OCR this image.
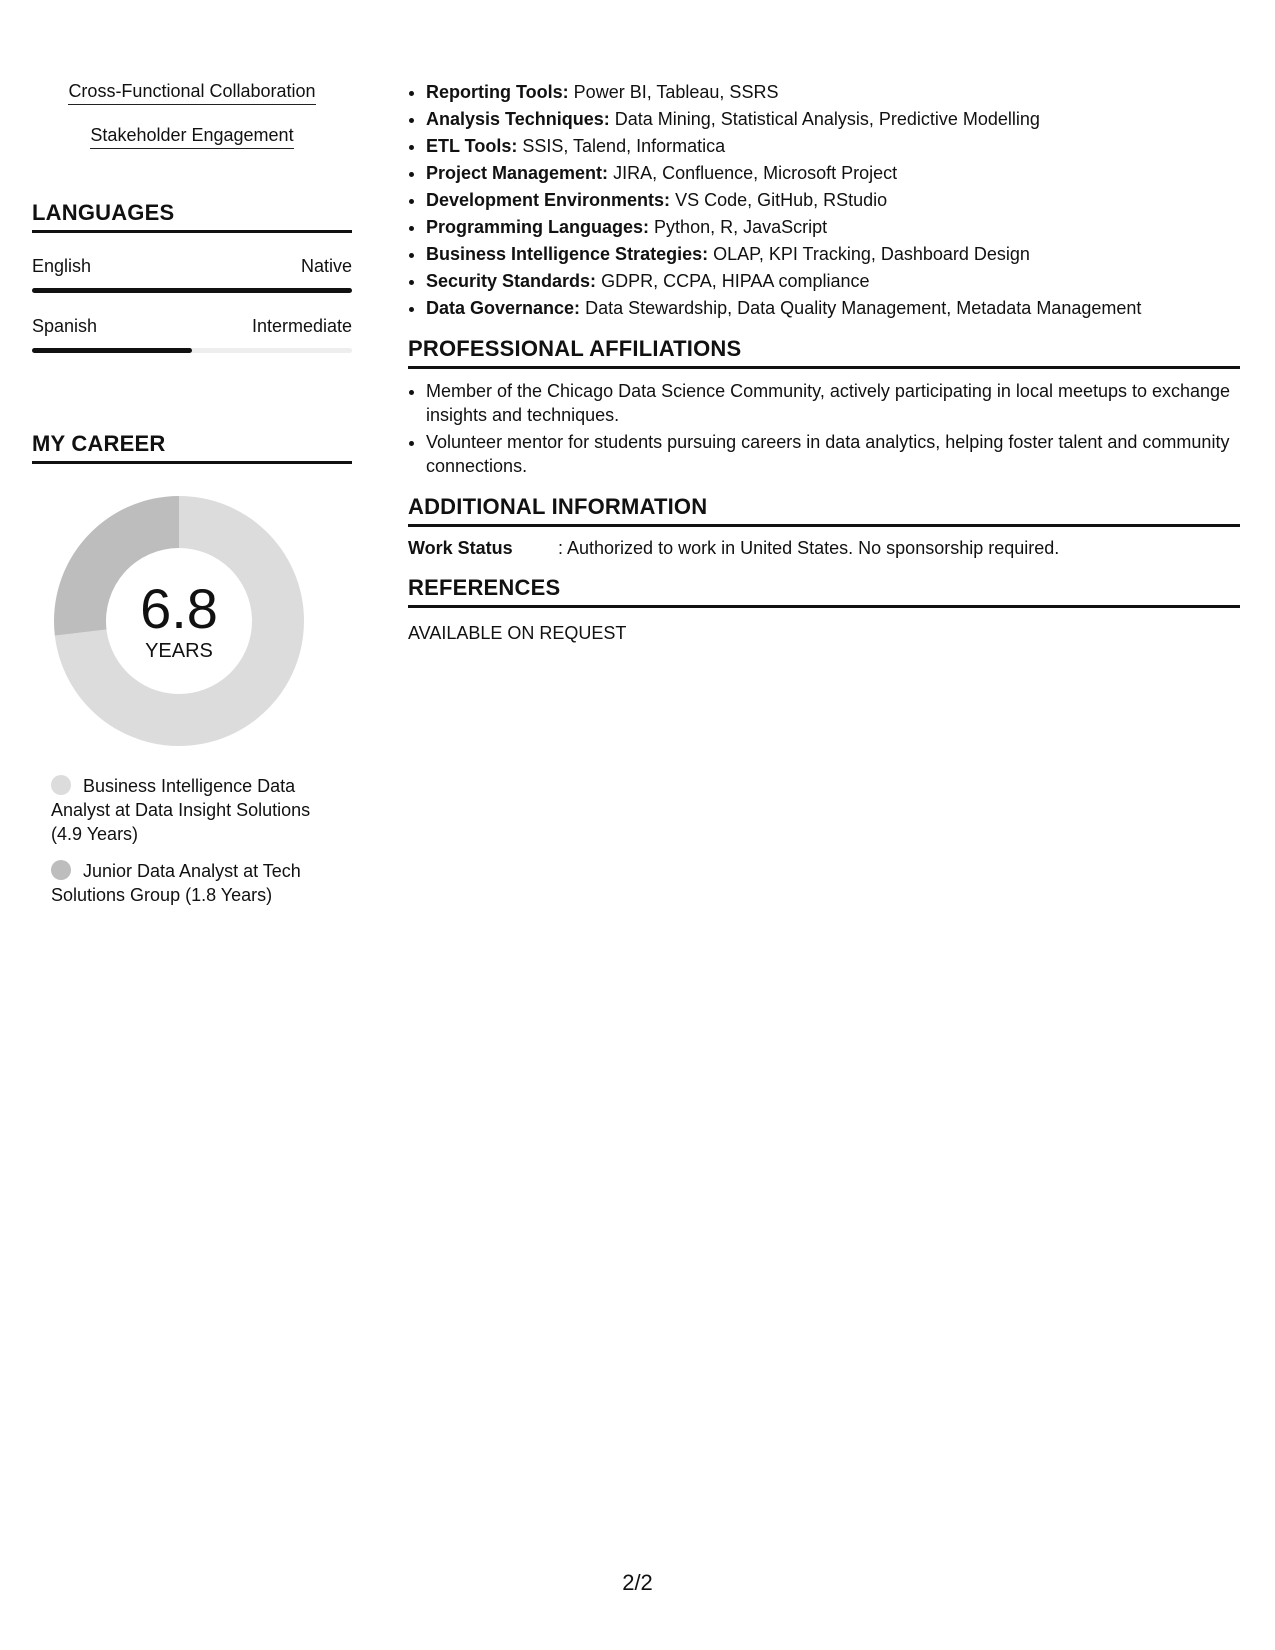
Cross-Functional Collaboration
Stakeholder Engagement
LANGUAGES
English	Native
Spanish	Intermediate
MY CAREER
6.8
YEARS
Business Intelligence Data Analyst at Data Insight Solutions (4.9 Years)
Junior Data Analyst at Tech Solutions Group (1.8 Years)
• Reporting Tools: Power BI, Tableau, SSRS
• Analysis Techniques: Data Mining, Statistical Analysis, Predictive Modelling
• ETL Tools: SSIS, Talend, Informatica
• Project Management: JIRA, Confluence, Microsoft Project
• Development Environments: VS Code, GitHub, RStudio
• Programming Languages: Python, R, JavaScript
• Business Intelligence Strategies: OLAP, KPI Tracking, Dashboard Design
• Security Standards: GDPR, CCPA, HIPAA compliance
• Data Governance: Data Stewardship, Data Quality Management, Metadata Management
PROFESSIONAL AFFILIATIONS
• Member of the Chicago Data Science Community, actively participating in local meetups to exchange insights and techniques.
• Volunteer mentor for students pursuing careers in data analytics, helping foster talent and community connections.
ADDITIONAL INFORMATION
Work Status	: Authorized to work in United States. No sponsorship required.
REFERENCES
AVAILABLE ON REQUEST
2/2
